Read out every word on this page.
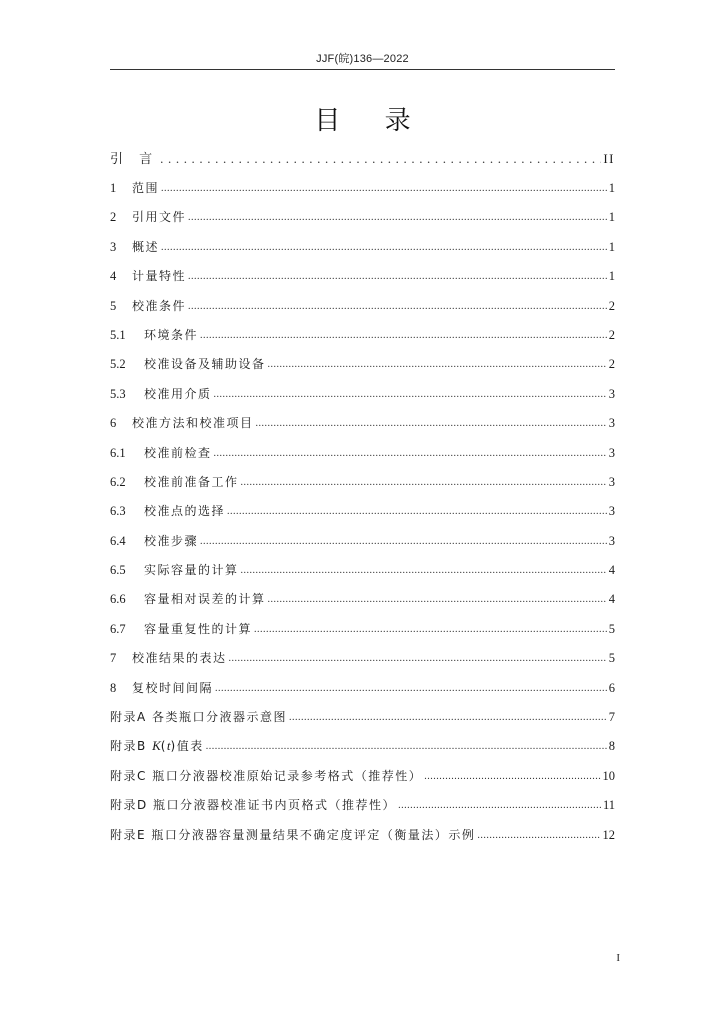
JJF(皖)136—2022
目 录
引 言 .....	II
1	范围 .....	1
2	引用文件 .....	1
3	概述 .....	1
4	计量特性 .....	1
5	校准条件 .....	2
5.1	环境条件 .....	2
5.2	校准设备及辅助设备 .....	2
5.3	校准用介质 .....	3
6	校准方法和校准项目 .....	3
6.1	校准前检查 .....	3
6.2	校准前准备工作 .....	3
6.3	校准点的选择 .....	3
6.4	校准步骤 .....	3
6.5	实际容量的计算 .....	4
6.6	容量相对误差的计算 .....	4
6.7	容量重复性的计算 .....	5
7	校准结果的表达 .....	5
8	复校时间间隔 .....	6
附录A 各类瓶口分液器示意图 .....	7
附录B K(t)值表 .....	8
附录C 瓶口分液器校准原始记录参考格式（推荐性） .....	10
附录D 瓶口分液器校准证书内页格式（推荐性） .....	11
附录E 瓶口分液器容量测量结果不确定度评定（衡量法）示例 .....	12
I
